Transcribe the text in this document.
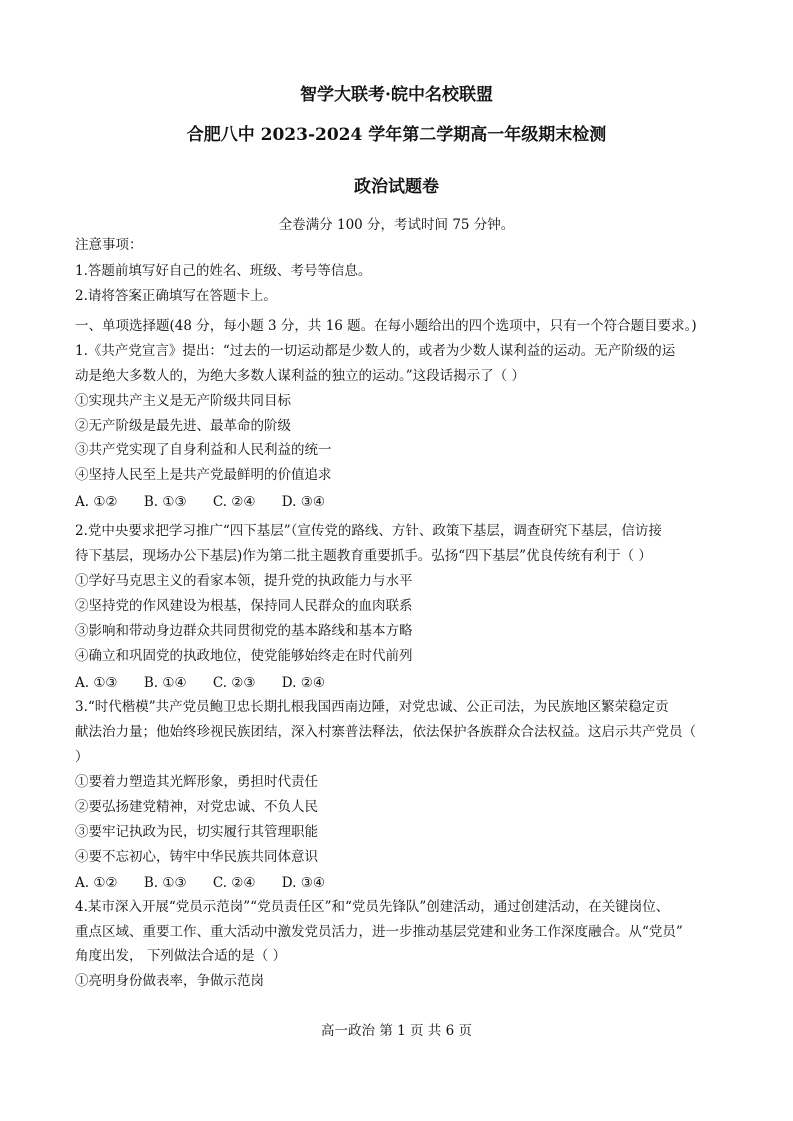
智学大联考·皖中名校联盟
合肥八中 2023-2024 学年第二学期高一年级期末检测
政治试题卷
全卷满分 100 分，考试时间 75 分钟。
注意事项：
1.答题前填写好自己的姓名、班级、考号等信息。
2.请将答案正确填写在答题卡上。
一、单项选择题(48 分，每小题 3 分，共 16 题。在每小题给出的四个选项中，只有一个符合题目要求。)
1.《共产党宣言》提出：“过去的一切运动都是少数人的，或者为少数人谋利益的运动。无产阶级的运
动是绝大多数人的，为绝大多数人谋利益的独立的运动。”这段话揭示了（ ）
①实现共产主义是无产阶级共同目标
②无产阶级是最先进、最革命的阶级
③共产党实现了自身利益和人民利益的统一
④坚持人民至上是共产党最鲜明的价值追求
A. ①② B. ①③ C. ②④ D. ③④
2.党中央要求把学习推广“四下基层”（宣传党的路线、方针、政策下基层，调查研究下基层，信访接
待下基层，现场办公下基层)作为第二批主题教育重要抓手。弘扬“四下基层”优良传统有利于（ ）
①学好马克思主义的看家本领，提升党的执政能力与水平
②坚持党的作风建设为根基，保持同人民群众的血肉联系
③影响和带动身边群众共同贯彻党的基本路线和基本方略
④确立和巩固党的执政地位，使党能够始终走在时代前列
A. ①③ B. ①④ C. ②③ D. ②④
3.“时代楷模”共产党员鲍卫忠长期扎根我国西南边陲，对党忠诚、公正司法，为民族地区繁荣稳定贡
献法治力量；他始终珍视民族团结，深入村寨普法释法，依法保护各族群众合法权益。这启示共产党员（
）
①要着力塑造其光辉形象，勇担时代责任
②要弘扬建党精神，对党忠诚、不负人民
③要牢记执政为民，切实履行其管理职能
④要不忘初心，铸牢中华民族共同体意识
A. ①② B. ①③ C. ②④ D. ③④
4.某市深入开展“党员示范岗”“党员责任区”和“党员先锋队”创建活动，通过创建活动，在关键岗位、
重点区域、重要工作、重大活动中激发党员活力，进一步推动基层党建和业务工作深度融合。从“党员”
角度出发， 下列做法合适的是（ ）
①亮明身份做表率，争做示范岗
高一政治 第 1 页 共 6 页
